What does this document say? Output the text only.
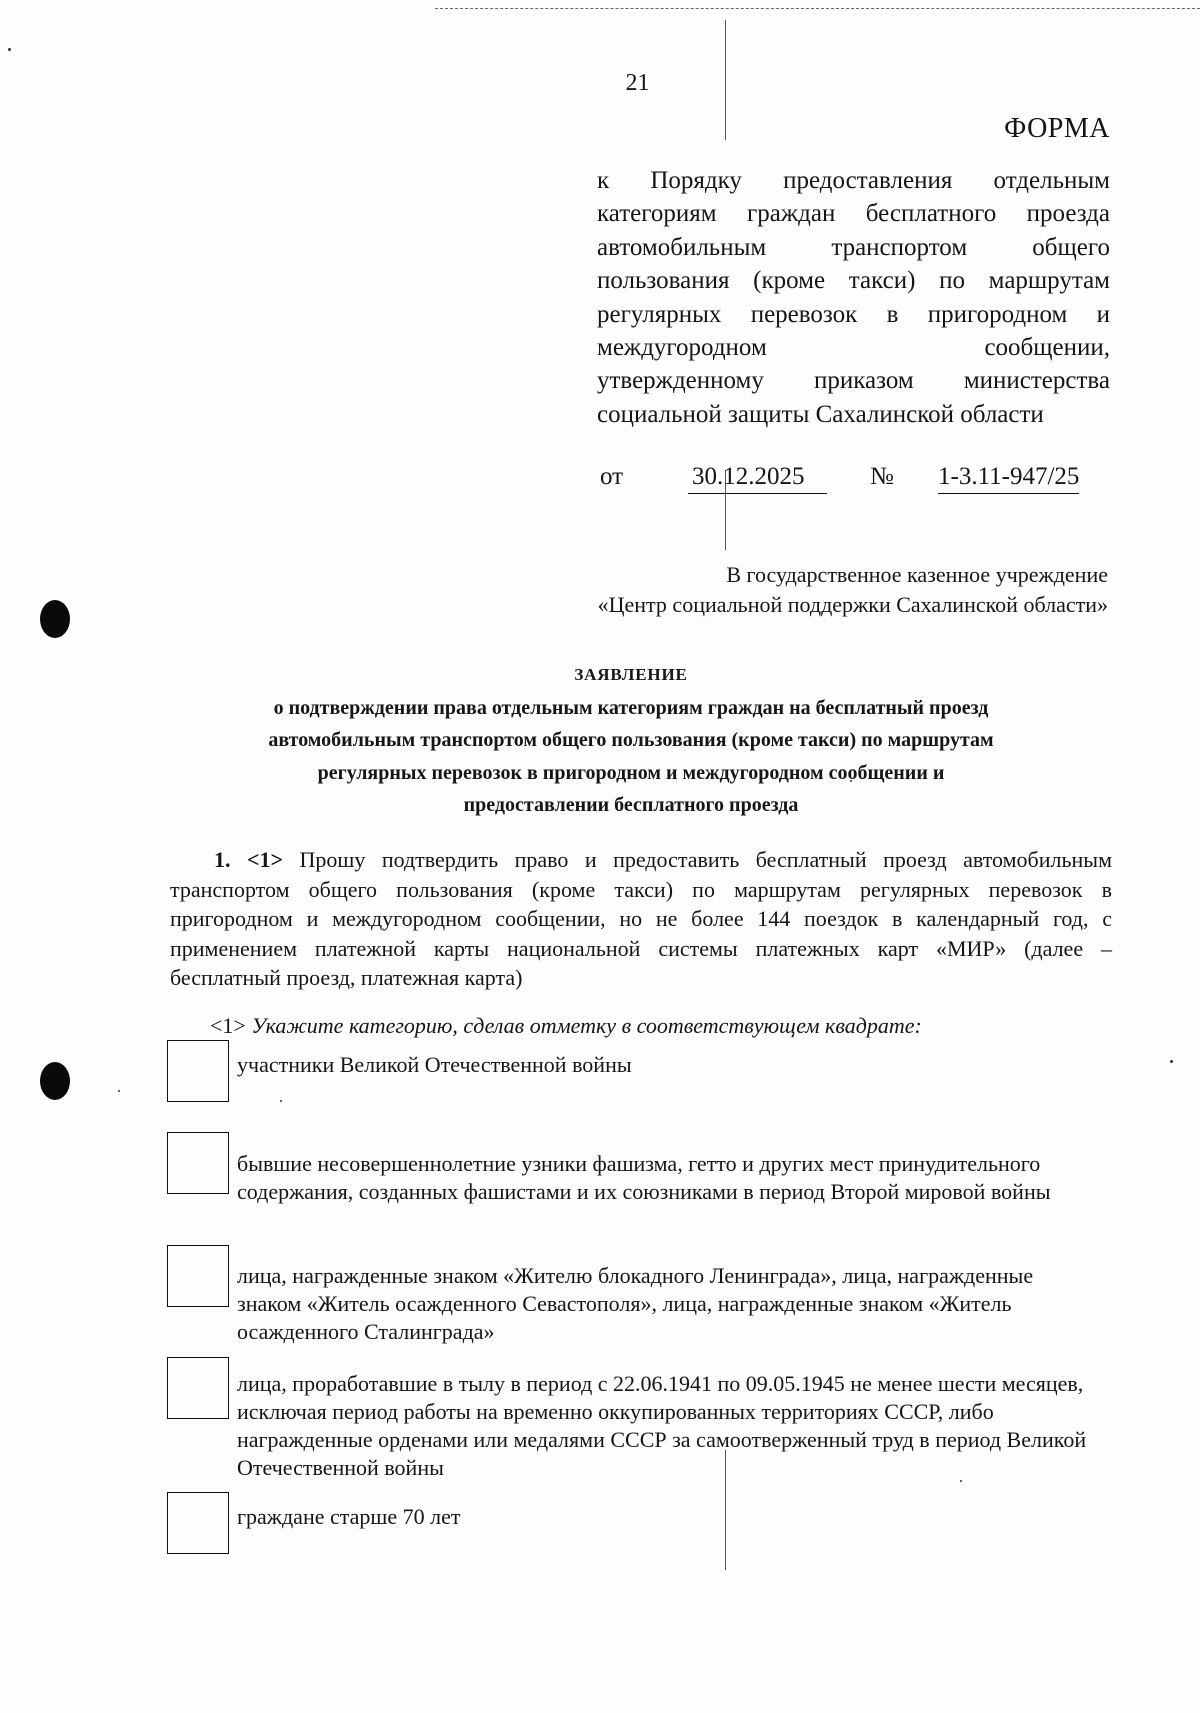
21
ФОРМА
к Порядку предоставления отдельным
категориям граждан бесплатного проезда
автомобильным транспортом общего
пользования (кроме такси) по маршрутам
регулярных перевозок в пригородном и
междугородном сообщении,
утвержденному приказом министерства
социальной защиты Сахалинской области
от	30.12.2025	№ 1-3.11-947/25
В государственное казенное учреждение
«Центр социальной поддержки Сахалинской области»
ЗАЯВЛЕНИЕ
о подтверждении права отдельным категориям граждан на бесплатный проезд
автомобильным транспортом общего пользования (кроме такси) по маршрутам
регулярных перевозок в пригородном и междугородном сообщении и
предоставлении бесплатного проезда
1. <1> Прошу подтвердить право и предоставить бесплатный проезд автомобильным транспортом общего пользования (кроме такси) по маршрутам регулярных перевозок в пригородном и междугородном сообщении, но не более 144 поездок в календарный год, с применением платежной карты национальной системы платежных карт «МИР» (далее – бесплатный проезд, платежная карта)
<1> Укажите категорию, сделав отметку в соответствующем квадрате:
участники Великой Отечественной войны
бывшие несовершеннолетние узники фашизма, гетто и других мест принудительного содержания, созданных фашистами и их союзниками в период Второй мировой войны
лица, награжденные знаком «Жителю блокадного Ленинграда», лица, награжденные знаком «Житель осажденного Севастополя», лица, награжденные знаком «Житель осажденного Сталинграда»
лица, проработавшие в тылу в период с 22.06.1941 по 09.05.1945 не менее шести месяцев, исключая период работы на временно оккупированных территориях СССР, либо награжденные орденами или медалями СССР за самоотверженный труд в период Великой Отечественной войны
граждане старше 70 лет
